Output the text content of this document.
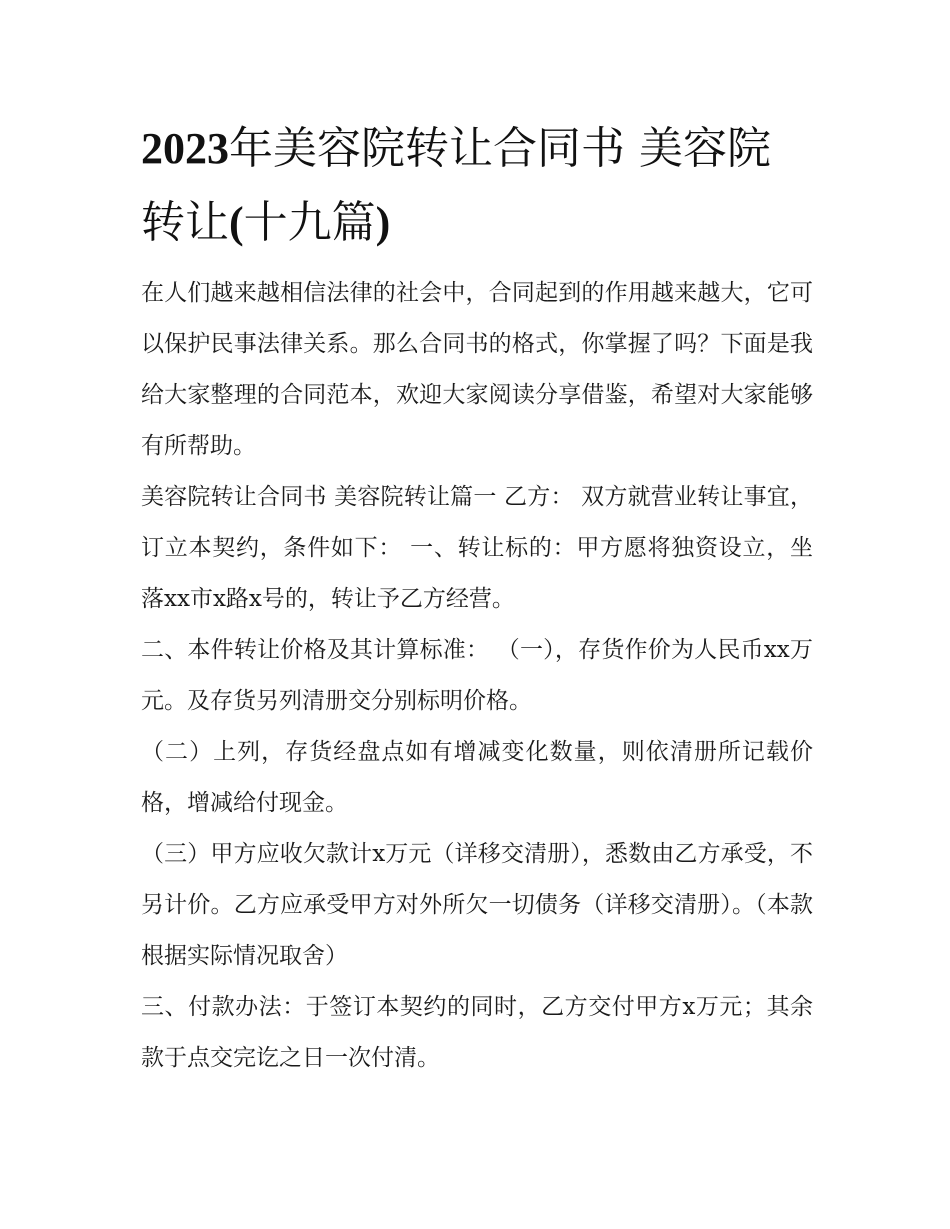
2023年美容院转让合同书 美容院转让(十九篇)

在人们越来越相信法律的社会中，合同起到的作用越来越大，它可以保护民事法律关系。那么合同书的格式，你掌握了吗？下面是我给大家整理的合同范本，欢迎大家阅读分享借鉴，希望对大家能够有所帮助。

美容院转让合同书 美容院转让篇一 乙方： 双方就营业转让事宜，订立本契约，条件如下： 一、转让标的：甲方愿将独资设立，坐落xx市x路x号的，转让予乙方经营。

二、本件转让价格及其计算标准： （一），存货作价为人民币xx万元。及存货另列清册交分别标明价格。

（二）上列，存货经盘点如有增减变化数量，则依清册所记载价格，增减给付现金。

（三）甲方应收欠款计x万元（详移交清册），悉数由乙方承受，不另计价。乙方应承受甲方对外所欠一切债务（详移交清册）。（本款根据实际情况取舍）

三、付款办法：于签订本契约的同时，乙方交付甲方x万元；其余款于点交完讫之日一次付清。
